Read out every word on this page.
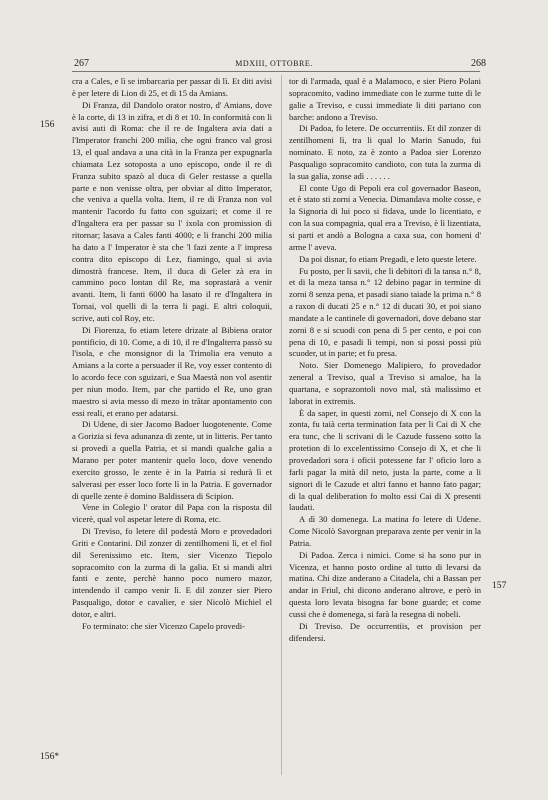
267	MDXIII, OTTOBRE.	268
156
156*
157

cra a Cales, e lì se imbarcaria per passar di lì. Et diti avisi è per letere di Lion di 25, et di 15 da Amians.

Di Franza, dil Dandolo orator nostro, d' Amians, dove è la corte, di 13 in zifra, et di 8 et 10. In conformità con li avisi auti di Roma: che il re de Ingaltera avia dati a l'Imperator franchi 200 milia, che ogni franco val grosi 13, el qual andava a una cità in la Franza per expugnarla chiamata Lez sotoposta a uno episcopo, onde il re di Franza subito spazò al duca di Geler restasse a quella parte e non venisse oltra, per obviar al ditto Imperator, che veniva a quella volta. Item, il re di Franza non vol mantenir l'acordo fu fatto con sguizari; et come il re d'Ingaltera era per passar su l' ixola con promission di ritornar; lasava a Cales fanti 4000; e li franchi 200 milia ha dato a l' Imperator è sta che 'l fazi zente a l' impresa contra dito episcopo di Lez, fiamingo, qual si avia dimostrà francese. Item, il duca di Geler zà era in cammino poco lontan dil Re, ma soprastarà a venir avanti. Item, li fanti 6000 ha lasato il re d'Ingaltera in Tornai, vol quelli di la terra li pagi. E altri coloquii, scrive, auti col Roy, etc.

Di Fiorenza, fo etiam letere drizate al Bibiena orator pontificio, di 10. Come, a di 10, il re d'Ingalterra passò su l'isola, e che monsignor di la Trimolia era venuto a Amians a la corte a persuader il Re, voy esser contento di lo acordo fece con sguizari, e Sua Maestà non vol asentir per niun modo. Item, par che partido el Re, uno gran maestro si avia messo di mezo in trătar apontamento con essi reali, et erano per adatarsi.

Di Udene, di sier Jacomo Badoer luogotenente. Come a Gorizia si feva adunanza di zente, ut in litteris. Per tanto si provedi a quella Patria, et si mandi qualche galia a Marano per poter mantenir quelo loco, dove venendo exercito grosso, le zente è in la Patria si redurà lì et salverasi per esser loco forte lì in la Patria. E governador di quelle zente è domino Baldissera di Scipion.

Vene in Colegio l' orator dil Papa con la risposta dil vicerè, qual vol aspetar letere di Roma, etc.

Di Treviso, fo letere dil podestà Moro e provedadori Griti e Contarini. Dil zonzer di zentilhomeni lì, et el fiol dil Serenissimo etc. Item, sier Vicenzo Tiepolo sopracomito con la zurma di la galia. Et si mandi altri fanti e zente, perchè hanno poco numero mazor, intendendo il campo venir lì. E dil zonzer sier Piero Pasqualigo, dotor e cavalier, e sier Nicolò Michiel el dotor, e altri.

Fo terminato: che sier Vicenzo Capelo provedi-

tor di l'armada, qual è a Malamoco, e sier Piero Polani sopracomito, vadino immediate con le zurme tutte di le galie a Treviso, e cussi immediate li diti partano con barche: andono a Treviso.

Di Padoa, fo letere. De occurrentiis. Et dil zonzer di zentilhomeni lì, tra li qual lo Marin Sanudo, fui nominato. E noto, za è zonto a Padoa sier Lorenzo Pasqualigo sopracomito candioto, con tuta la zurma di la sua galia, zonse adì . . . . . .

El conte Ugo di Pepoli era col governador Baseon, et è stato sti zorni a Venecia. Dimandava molte cosse, e la Signoria di lui poco si fidava, unde lo licentiato, e con la sua compagnia, qual era a Treviso, è lì lizentiata, si parti et andò a Bologna a caxa sua, con homeni d' arme l' aveva.

Da poi disnar, fo etiam Pregadi, e leto queste letere.

Fu posto, per li savii, che li debitori di la tansa n.° 8, et di la meza tansa n.° 12 debino pagar in termine di zorni 8 senza pena, et pasadi siano taiade la prima n.° 8 a raxon di ducati 25 e n.° 12 di ducati 30, et poi siano mandate a le cantinele di governadori, dove debano star zorni 8 e si scuodi con pena di 5 per cento, e poi con pena di 10, e pasadi li tempi, non si possi possi più scuoder, ut in parte; et fu presa.

Noto. Sier Domenego Malipiero, fo provedador zeneral a Treviso, qual a Treviso si amaloe, ha la quartana, e soprazontoli novo mal, stà malissimo et laborat in extremis.

È da saper, in questi zorni, nel Consejo di X con la zonta, fu taià certa termination fata per li Cai di X che era tunc, che li scrivani di le Cazude fusseno sotto la protetion di lo excelentissimo Consejo di X, et che li provedadori sora i oficii potessene far l' oficio loro a farli pagar la mità dil neto, justa la parte, come a li signori di le Cazude et altri fanno et hanno fato pagar; di la qual deliberation fo molto essi Cai di X presenti laudati.

A dì 30 domenega. La matina fo letere di Udene. Come Nicolò Savorgnan preparava zente per venir in la Patria.

Di Padoa. Zerca i nimici. Come si ha sono pur in Vicenza, et hanno posto ordine al tutto di levarsi da matina. Chi dize anderano a Citadela, chi a Bassan per andar in Friul, chi dicono anderano altrove, e però in questa loro levata bisogna far bone guarde; et come cussi che è domenega, si farà la resegna di nobeli.

Di Treviso. De occurrentiis, et provision per difendersi.
